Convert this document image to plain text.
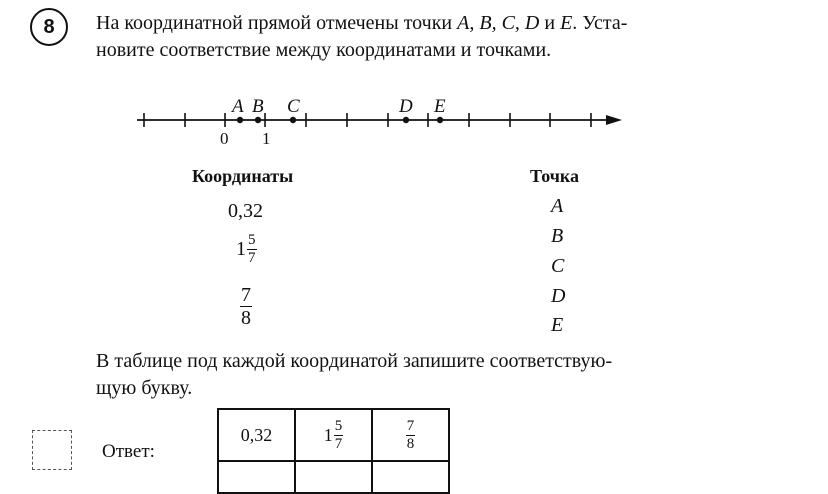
8	На координатной прямой отмечены точки A, B, C, D и E. Уста-
новите соответствие между координатами и точками.
A B C	D E
0 1
Координаты	Точка
0,32
$1 \frac{5}{7}$
$\frac{7}{8}$
A
B
C
D
E
В таблице под каждой координатой запишите соответствую-
щую букву.
Ответ:
0,32	$1 \frac{5}{7}$	$\frac{7}{8}$
